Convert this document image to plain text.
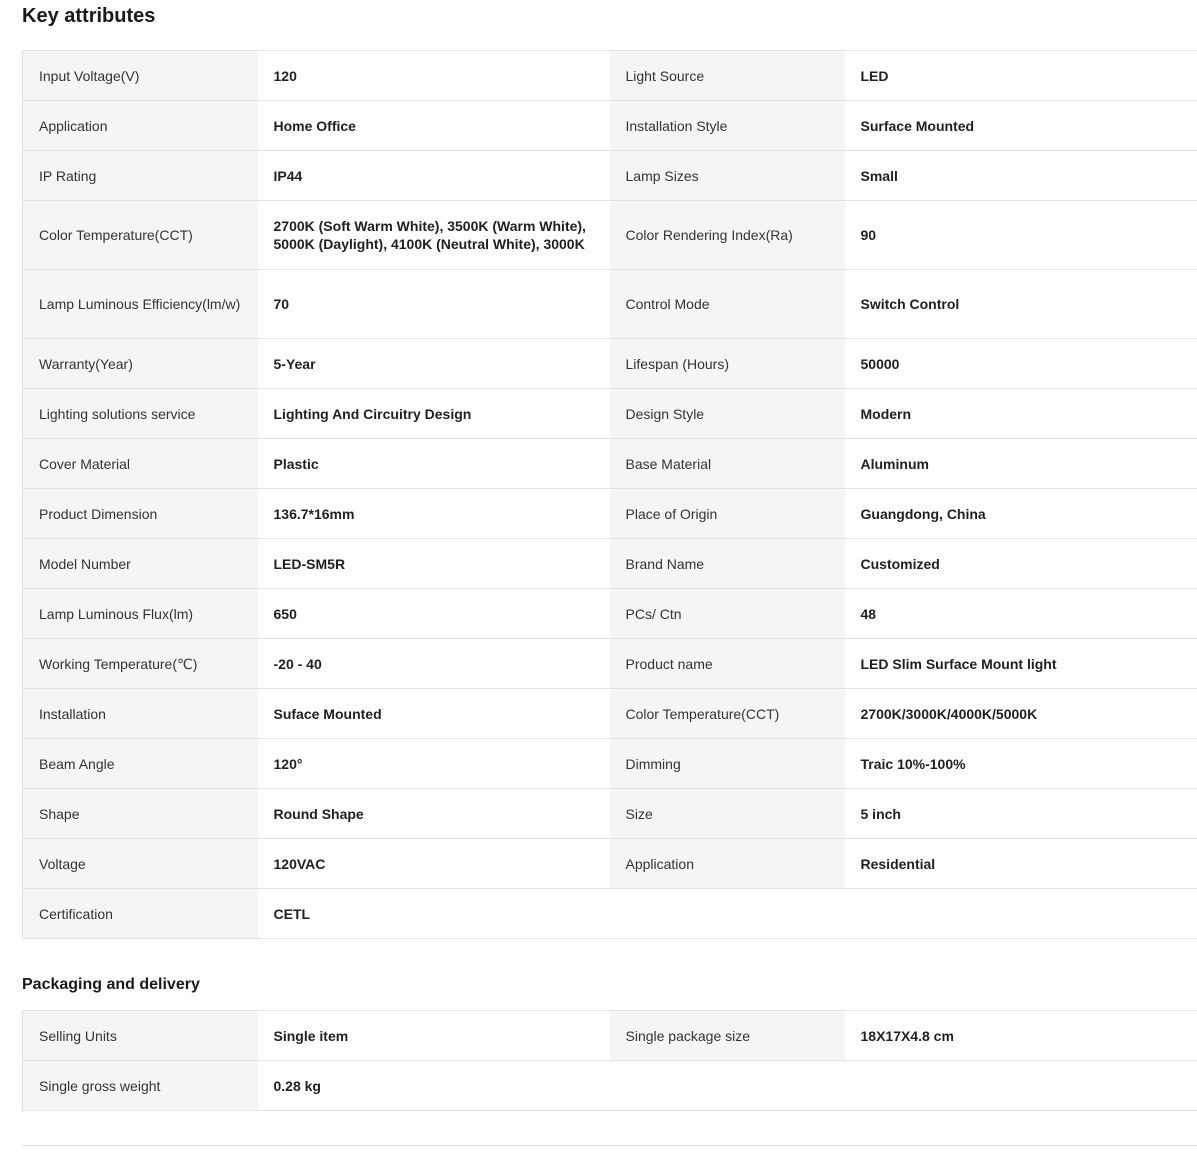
Key attributes
Input Voltage(V)	120	Light Source	LED
Application	Home Office	Installation Style	Surface Mounted
IP Rating	IP44	Lamp Sizes	Small
Color Temperature(CCT)	2700K (Soft Warm White), 3500K (Warm White), 5000K (Daylight), 4100K (Neutral White), 3000K	Color Rendering Index(Ra)	90
Lamp Luminous Efficiency(lm/w)	70	Control Mode	Switch Control
Warranty(Year)	5-Year	Lifespan (Hours)	50000
Lighting solutions service	Lighting And Circuitry Design	Design Style	Modern
Cover Material	Plastic	Base Material	Aluminum
Product Dimension	136.7*16mm	Place of Origin	Guangdong, China
Model Number	LED-SM5R	Brand Name	Customized
Lamp Luminous Flux(lm)	650	PCs/ Ctn	48
Working Temperature(℃)	-20 - 40	Product name	LED Slim Surface Mount light
Installation	Suface Mounted	Color Temperature(CCT)	2700K/3000K/4000K/5000K
Beam Angle	120°	Dimming	Traic 10%-100%
Shape	Round Shape	Size	5 inch
Voltage	120VAC	Application	Residential
Certification	CETL		
Packaging and delivery
Selling Units	Single item	Single package size	18X17X4.8 cm
Single gross weight	0.28 kg		
